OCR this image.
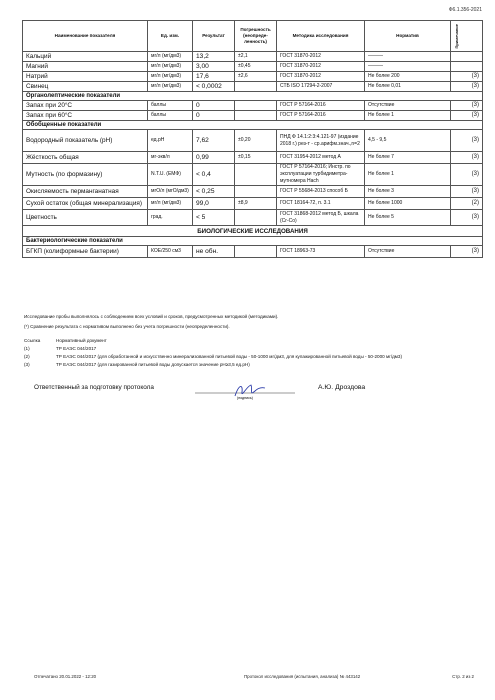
Ф6.1.356-2021
Наименование показателя	Ед. изм.	Результат	Погрешность (неопреде-ленность)	Методика исследования	Норматив	Примечание

Кальций	мг/л (мг/дм3)	13,2	±2,1	ГОСТ 31870-2012	———	
Магний	мг/л (мг/дм3)	3,00	±0,45	ГОСТ 31870-2012	———	
Натрий	мг/л (мг/дм3)	17,6	±2,6	ГОСТ 31870-2012	Не более 200	(3)
Свинец	мг/л (мг/дм3)	< 0,0002		СТБ ISO 17294-2-2007	Не более 0,01	(3)
Органолептические показатели						
Запах при 20°С	баллы	0		ГОСТ Р 57164-2016	Отсутствие	(3)
Запах при 60°С	баллы	0		ГОСТ Р 57164-2016	Не более 1	(3)
Обобщенные показатели						
Водородный показатель (рН)	ед.рН	7,62	±0,20	ПНД Ф 14.1:2:3:4.121-97 (издание 2018 г.) рез-т - ср.арифм.знач.,n=2	4,5 - 9,5	(3)
Жёсткость общая	мг-экв/л	0,99	±0,15	ГОСТ 31954-2012 метод А	Не более 7	(3)
Мутность (по формазину)	N.T.U. (ЕМФ)	< 0,4		ГОСТ Р 57164-2016; Инстр. по эксплуатации турбидиметра-мутномера Hach	Не более 1	(3)
Окисляемость перманганатная	мгО/л (мгО/дм3)	< 0,25		ГОСТ Р 55684-2013 способ Б	Не более 3	(3)
Сухой остаток (общая минерализация)	мг/л (мг/дм3)	99,0	±8,9	ГОСТ 18164-72, п. 3.1	Не более 1000	(2)
Цветность	град.	< 5		ГОСТ 31868-2012 метод Б, шкала (Cr-Co)	Не более 5	(3)
БИОЛОГИЧЕСКИЕ ИССЛЕДОВАНИЯ						
Бактериологические показатели						
БГКП (колиформные бактерии)	КОЕ/250 см3	не обн.		ГОСТ 18963-73	Отсутствие	(3)

Исследование пробы выполнялось с соблюдением всех условий и сроков, предусмотренных методикой (методиками).

(*) Сравнение результата с нормативом выполнено без учета погрешности (неопределенности).

Ссылка	Нормативный документ
(1)	ТР ЕАЭС 044/2017
(2)	ТР ЕАЭС 044/2017 (для обработанной и искусственно минерализованной питьевой воды - 50-1000 мг/дм3, для купажированной питьевой воды - 50-2000 мг/дм3)
(3)	ТР ЕАЭС 044/2017 (для газированной питьевой воды допускается значение рН≥3,5 ед.рН)
Ответственный за подготовку протокола
(подпись)
А.Ю. Дроздова
Отпечатано 20.01.2022 - 12:20	Протокол исследования (испытания, анализа) № 443142	Стр. 2 из 2
